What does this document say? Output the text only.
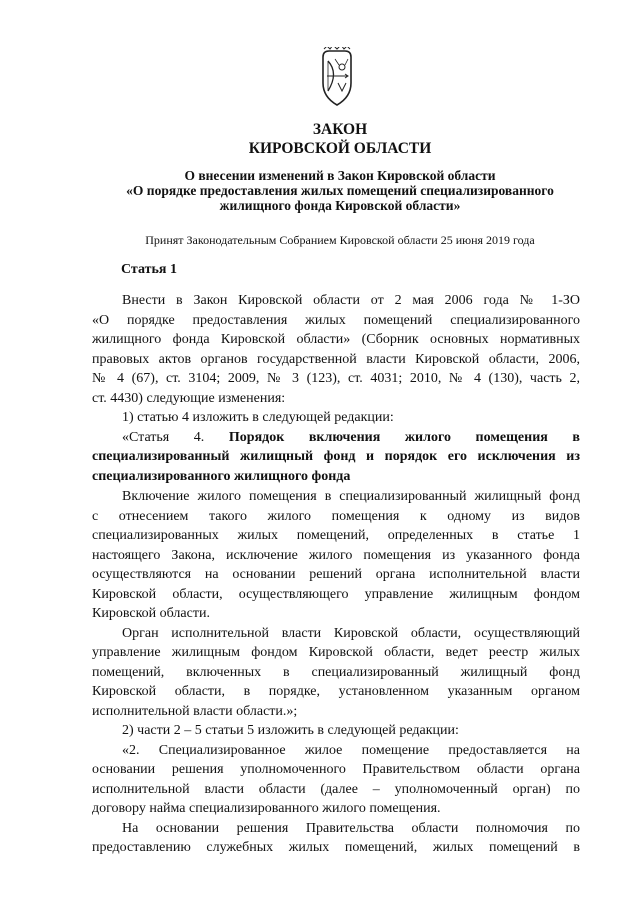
ЗАКОН
КИРОВСКОЙ ОБЛАСТИ
О внесении изменений в Закон Кировской области
«О порядке предоставления жилых помещений специализированного
жилищного фонда Кировской области»
Принят Законодательным Собранием Кировской области 25 июня 2019 года
Статья 1
Внести в Закон Кировской области от 2 мая 2006 года № 1-ЗО
«О порядке предоставления жилых помещений специализированного
жилищного фонда Кировской области» (Сборник основных нормативных
правовых актов органов государственной власти Кировской области, 2006,
№ 4 (67), ст. 3104; 2009, № 3 (123), ст. 4031; 2010, № 4 (130), часть 2,
ст. 4430) следующие изменения:
1) статью 4 изложить в следующей редакции:
«Статья 4. Порядок включения жилого помещения в
специализированный жилищный фонд и порядок его исключения из
специализированного жилищного фонда
Включение жилого помещения в специализированный жилищный фонд
с отнесением такого жилого помещения к одному из видов
специализированных жилых помещений, определенных в статье 1
настоящего Закона, исключение жилого помещения из указанного фонда
осуществляются на основании решений органа исполнительной власти
Кировской области, осуществляющего управление жилищным фондом
Кировской области.
Орган исполнительной власти Кировской области, осуществляющий
управление жилищным фондом Кировской области, ведет реестр жилых
помещений, включенных в специализированный жилищный фонд
Кировской области, в порядке, установленном указанным органом
исполнительной власти области.»;
2) части 2 – 5 статьи 5 изложить в следующей редакции:
«2. Специализированное жилое помещение предоставляется на
основании решения уполномоченного Правительством области органа
исполнительной власти области (далее – уполномоченный орган) по
договору найма специализированного жилого помещения.
На основании решения Правительства области полномочия по
предоставлению служебных жилых помещений, жилых помещений в
